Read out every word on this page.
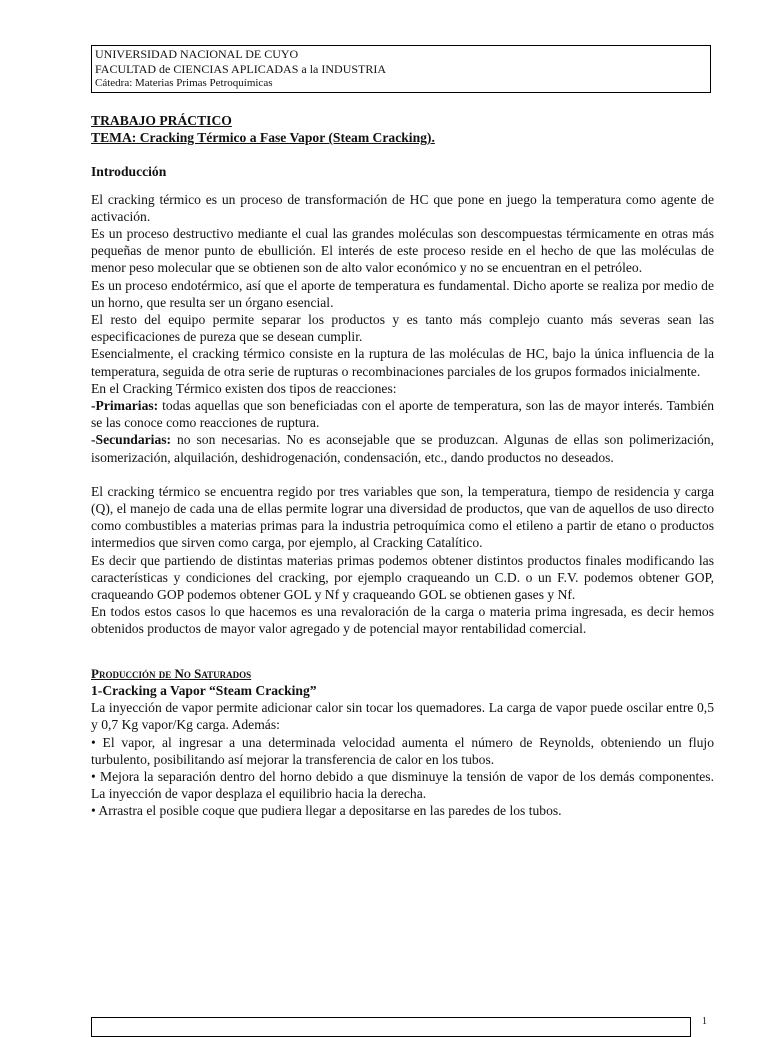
UNIVERSIDAD NACIONAL DE CUYO
FACULTAD de CIENCIAS APLICADAS a la INDUSTRIA
Cátedra: Materias Primas Petroquímicas

TRABAJO PRÁCTICO

TEMA: Cracking Térmico a Fase Vapor (Steam Cracking).

Introducción

El cracking térmico es un proceso de transformación de HC que pone en juego la temperatura como agente de activación.

Es un proceso destructivo mediante el cual las grandes moléculas son descompuestas térmicamente en otras más pequeñas de menor punto de ebullición. El interés de este proceso reside en el hecho de que las moléculas de menor peso molecular que se obtienen son de alto valor económico y no se encuentran en el petróleo.

Es un proceso endotérmico, así que el aporte de temperatura es fundamental. Dicho aporte se realiza por medio de un horno, que resulta ser un órgano esencial.

El resto del equipo permite separar los productos y es tanto más complejo cuanto más severas sean las especificaciones de pureza que se desean cumplir.

Esencialmente, el cracking térmico consiste en la ruptura de las moléculas de HC, bajo la única influencia de la temperatura, seguida de otra serie de rupturas o recombinaciones parciales de los grupos formados inicialmente.

En el Cracking Térmico existen dos tipos de reacciones:

-Primarias: todas aquellas que son beneficiadas con el aporte de temperatura, son las de mayor interés. También se las conoce como reacciones de ruptura.

-Secundarias: no son necesarias. No es aconsejable que se produzcan. Algunas de ellas son polimerización, isomerización, alquilación, deshidrogenación, condensación, etc., dando productos no deseados.

El cracking térmico se encuentra regido por tres variables que son, la temperatura, tiempo de residencia y carga (Q), el manejo de cada una de ellas permite lograr una diversidad de productos, que van de aquellos de uso directo como combustibles a materias primas para la industria petroquímica como el etileno a partir de etano o productos intermedios que sirven como carga, por ejemplo, al Cracking Catalítico.

Es decir que partiendo de distintas materias primas podemos obtener distintos productos finales modificando las características y condiciones del cracking, por ejemplo craqueando un C.D. o un F.V. podemos obtener GOP, craqueando GOP podemos obtener GOL y Nf y craqueando GOL se obtienen gases y Nf.

En todos estos casos lo que hacemos es una revaloración de la carga o materia prima ingresada, es decir hemos obtenidos productos de mayor valor agregado y de potencial mayor rentabilidad comercial.

Producción de No Saturados

1-Cracking a Vapor “Steam Cracking”

La inyección de vapor permite adicionar calor sin tocar los quemadores. La carga de vapor puede oscilar entre 0,5 y 0,7 Kg vapor/Kg carga. Además:

• El vapor, al ingresar a una determinada velocidad aumenta el número de Reynolds, obteniendo un flujo turbulento, posibilitando así mejorar la transferencia de calor en los tubos.

• Mejora la separación dentro del horno debido a que disminuye la tensión de vapor de los demás componentes. La inyección de vapor desplaza el equilibrio hacia la derecha.

• Arrastra el posible coque que pudiera llegar a depositarse en las paredes de los tubos.

1
